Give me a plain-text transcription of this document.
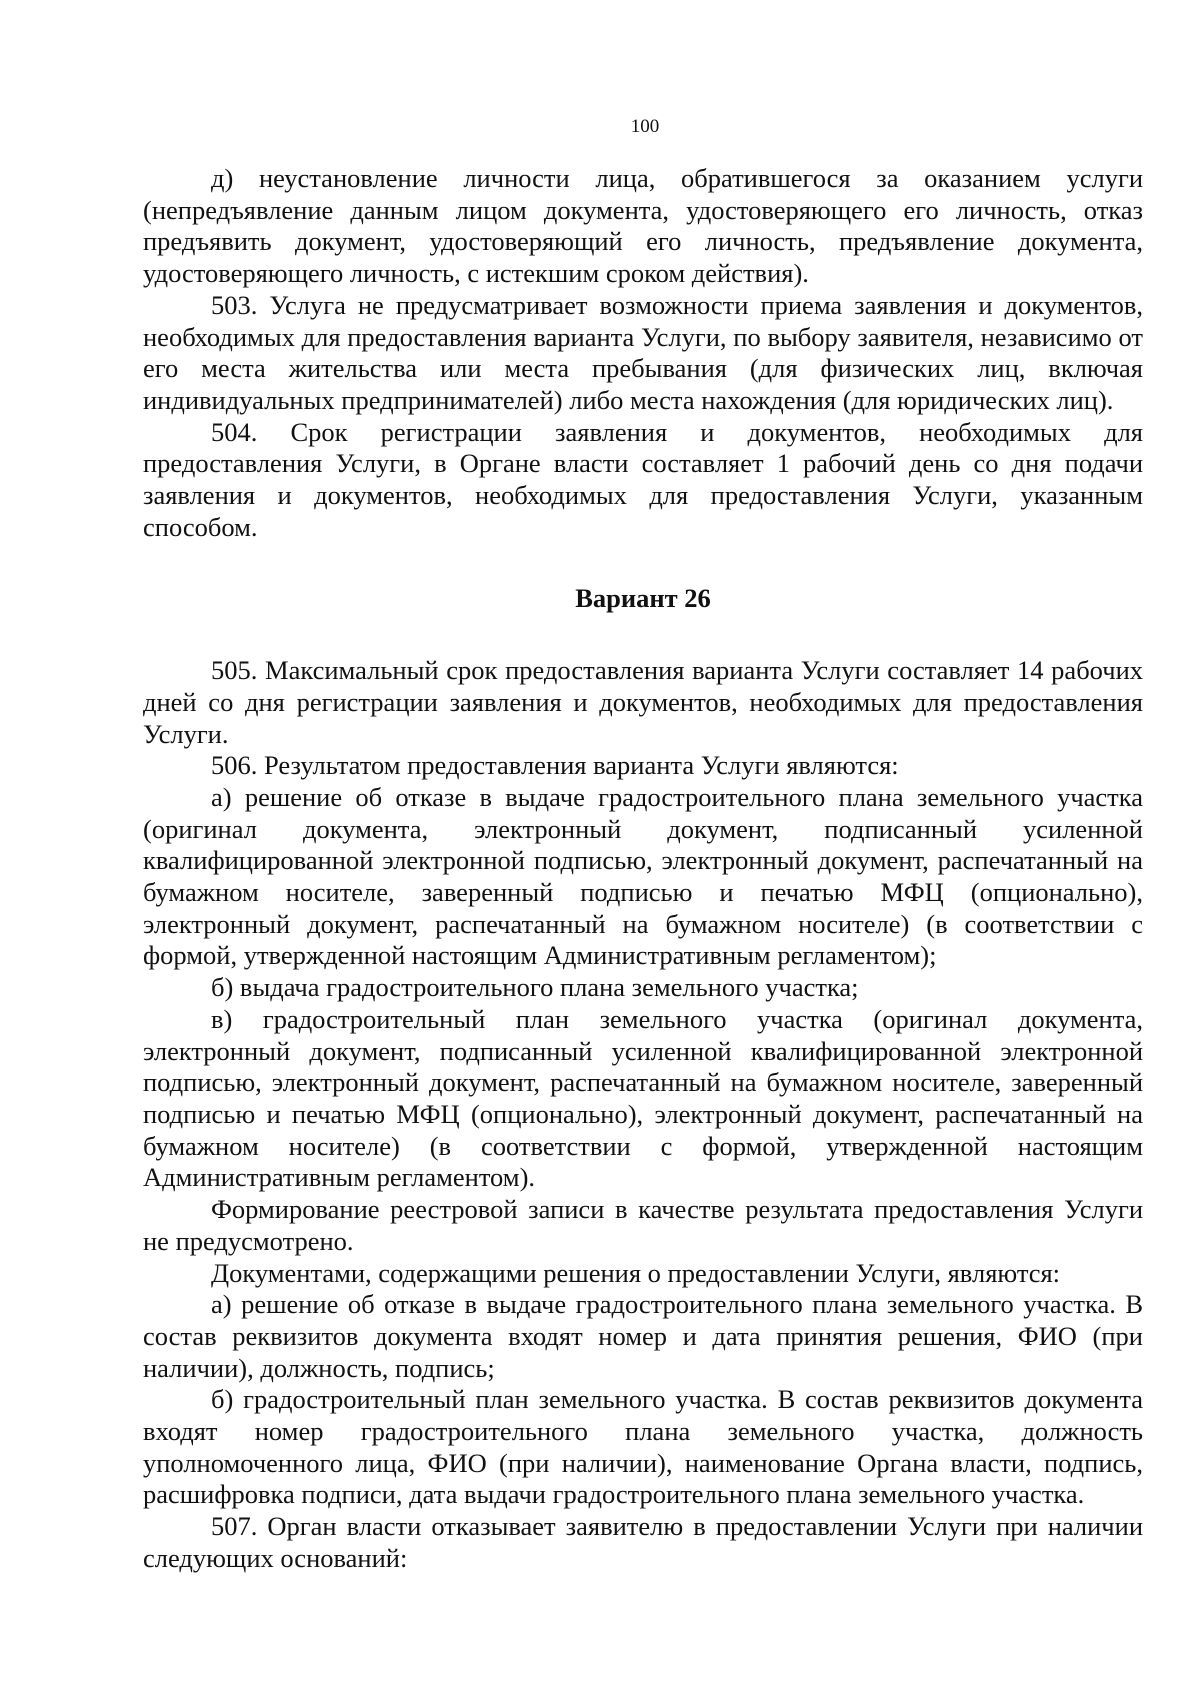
100

д) неустановление личности лица, обратившегося за оказанием услуги (непредъявление данным лицом документа, удостоверяющего его личность, отказ предъявить документ, удостоверяющий его личность, предъявление документа, удостоверяющего личность, с истекшим сроком действия).

503. Услуга не предусматривает возможности приема заявления и документов, необходимых для предоставления варианта Услуги, по выбору заявителя, независимо от его места жительства или места пребывания (для физических лиц, включая индивидуальных предпринимателей) либо места нахождения (для юридических лиц).

504. Срок регистрации заявления и документов, необходимых для предоставления Услуги, в Органе власти составляет 1 рабочий день со дня подачи заявления и документов, необходимых для предоставления Услуги, указанным способом.

Вариант 26

505. Максимальный срок предоставления варианта Услуги составляет 14 рабочих дней со дня регистрации заявления и документов, необходимых для предоставления Услуги.

506. Результатом предоставления варианта Услуги являются:

а) решение об отказе в выдаче градостроительного плана земельного участка (оригинал документа, электронный документ, подписанный усиленной квалифицированной электронной подписью, электронный документ, распечатанный на бумажном носителе, заверенный подписью и печатью МФЦ (опционально), электронный документ, распечатанный на бумажном носителе) (в соответствии с формой, утвержденной настоящим Административным регламентом);

б) выдача градостроительного плана земельного участка;

в) градостроительный план земельного участка (оригинал документа, электронный документ, подписанный усиленной квалифицированной электронной подписью, электронный документ, распечатанный на бумажном носителе, заверенный подписью и печатью МФЦ (опционально), электронный документ, распечатанный на бумажном носителе) (в соответствии с формой, утвержденной настоящим Административным регламентом).

Формирование реестровой записи в качестве результата предоставления Услуги не предусмотрено.

Документами, содержащими решения о предоставлении Услуги, являются:

а) решение об отказе в выдаче градостроительного плана земельного участка. В состав реквизитов документа входят номер и дата принятия решения, ФИО (при наличии), должность, подпись;

б) градостроительный план земельного участка. В состав реквизитов документа входят номер градостроительного плана земельного участка, должность уполномоченного лица, ФИО (при наличии), наименование Органа власти, подпись, расшифровка подписи, дата выдачи градостроительного плана земельного участка.

507. Орган власти отказывает заявителю в предоставлении Услуги при наличии следующих оснований:
